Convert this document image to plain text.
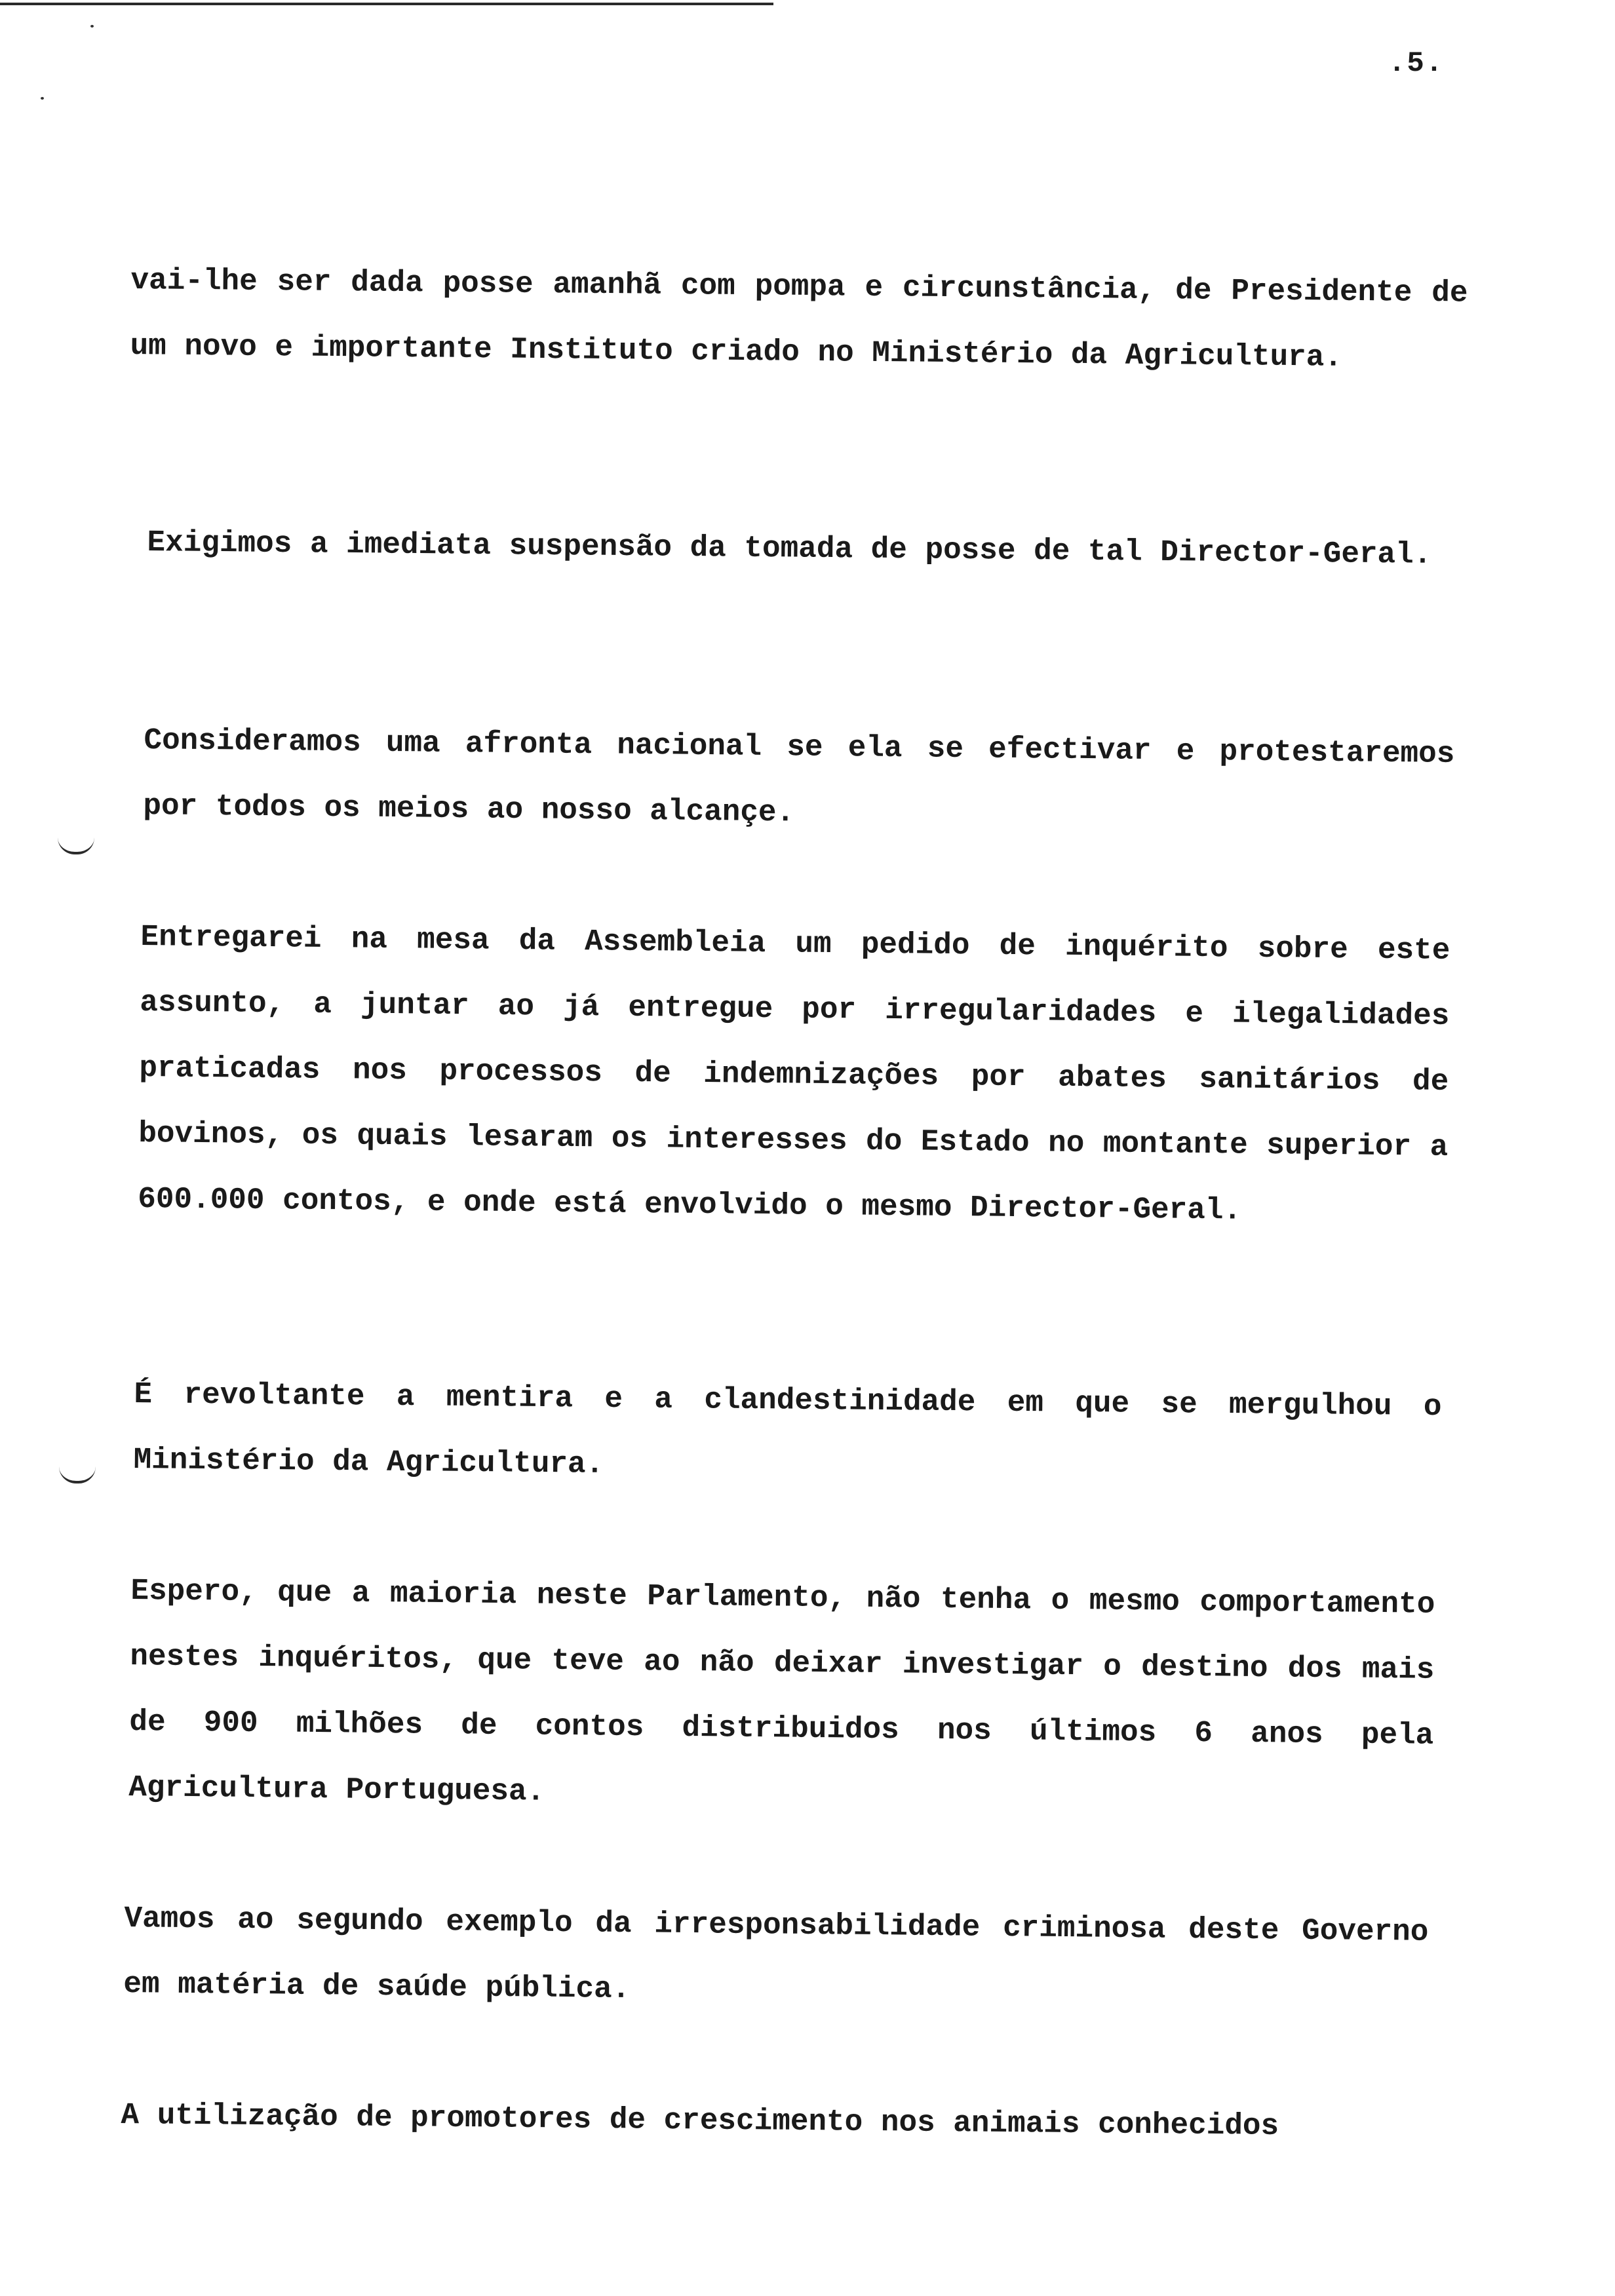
.5.

vai-lhe ser dada posse amanhã com pompa e circunstância, de Presidente de um novo e importante Instituto criado no Ministério da Agricultura.

Exigimos a imediata suspensão da tomada de posse de tal Director-Geral.

Consideramos uma afronta nacional se ela se efectivar e protestaremos por todos os meios ao nosso alcançe.

Entregarei na mesa da Assembleia um pedido de inquérito sobre este assunto, a juntar ao já entregue por irregularidades e ilegalidades praticadas nos processos de indemnizações por abates sanitários de bovinos, os quais lesaram os interesses do Estado no montante superior a 600.000 contos, e onde está envolvido o mesmo Director-Geral.

É revoltante a mentira e a clandestinidade em que se mergulhou o Ministério da Agricultura.

Espero, que a maioria neste Parlamento, não tenha o mesmo comportamento nestes inquéritos, que teve ao não deixar investigar o destino dos mais de 900 milhões de contos distribuidos nos últimos 6 anos pela Agricultura Portuguesa.

Vamos ao segundo exemplo da irresponsabilidade criminosa deste Governo em matéria de saúde pública.

A utilização de promotores de crescimento nos animais conhecidos
